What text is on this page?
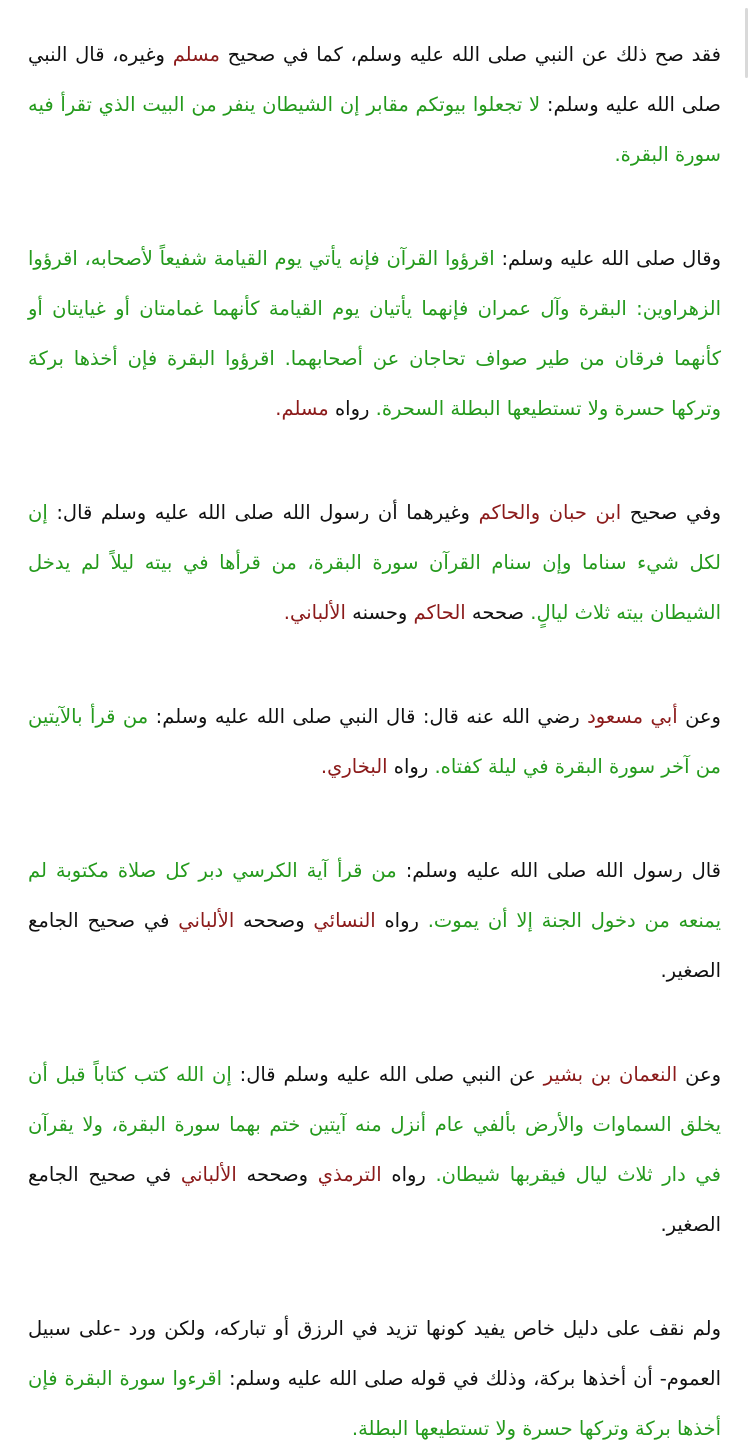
فقد صح ذلك عن النبي صلى الله عليه وسلم، كما في صحيح مسلم وغيره، قال النبي صلى الله عليه وسلم: لا تجعلوا بيوتكم مقابر إن الشيطان ينفر من البيت الذي تقرأ فيه سورة البقرة.

وقال صلى الله عليه وسلم: اقرؤوا القرآن فإنه يأتي يوم القيامة شفيعاً لأصحابه، اقرؤوا الزهراوين: البقرة وآل عمران فإنهما يأتيان يوم القيامة كأنهما غمامتان أو غيايتان أو كأنهما فرقان من طير صواف تحاجان عن أصحابهما. اقرؤوا البقرة فإن أخذها بركة وتركها حسرة ولا تستطيعها البطلة السحرة. رواه مسلم.

وفي صحيح ابن حبان والحاكم وغيرهما أن رسول الله صلى الله عليه وسلم قال: إن لكل شيء سناما وإن سنام القرآن سورة البقرة، من قرأها في بيته ليلاً لم يدخل الشيطان بيته ثلاث ليالٍ. صححه الحاكم وحسنه الألباني.

وعن أبي مسعود رضي الله عنه قال: قال النبي صلى الله عليه وسلم: من قرأ بالآيتين من آخر سورة البقرة في ليلة كفتاه. رواه البخاري.

قال رسول الله صلى الله عليه وسلم: من قرأ آية الكرسي دبر كل صلاة مكتوبة لم يمنعه من دخول الجنة إلا أن يموت. رواه النسائي وصححه الألباني في صحيح الجامع الصغير.

وعن النعمان بن بشير عن النبي صلى الله عليه وسلم قال: إن الله كتب كتاباً قبل أن يخلق السماوات والأرض بألفي عام أنزل منه آيتين ختم بهما سورة البقرة، ولا يقرآن في دار ثلاث ليال فيقربها شيطان. رواه الترمذي وصححه الألباني في صحيح الجامع الصغير.

ولم نقف على دليل خاص يفيد كونها تزيد في الرزق أو تباركه، ولكن ورد -على سبيل العموم- أن أخذها بركة، وذلك في قوله صلى الله عليه وسلم: اقرءوا سورة البقرة فإن أخذها بركة وتركها حسرة ولا تستطيعها البطلة.
